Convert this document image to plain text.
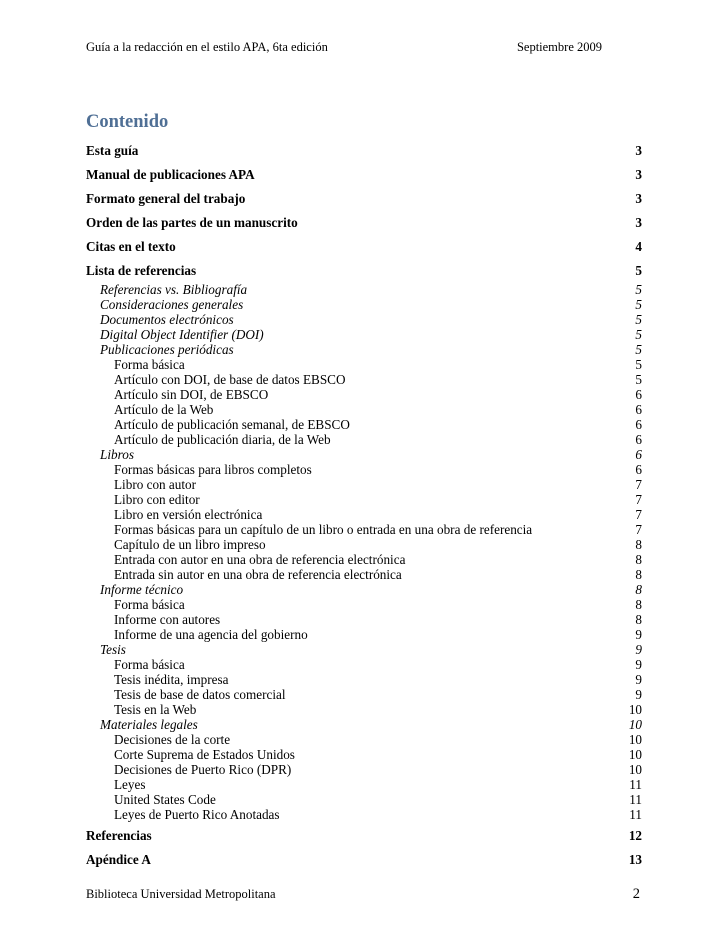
Guía a la redacción en el estilo APA, 6ta edición	Septiembre 2009
Contenido
Esta guía	3
Manual de publicaciones APA	3
Formato general del trabajo	3
Orden de las partes de un manuscrito	3
Citas en el texto	4
Lista de referencias	5
Referencias vs. Bibliografía	5
Consideraciones generales	5
Documentos electrónicos	5
Digital Object Identifier (DOI)	5
Publicaciones periódicas	5
Forma básica	5
Artículo con DOI, de base de datos EBSCO	5
Artículo sin DOI, de EBSCO	6
Artículo de la Web	6
Artículo de publicación semanal, de EBSCO	6
Artículo de publicación diaria, de la Web	6
Libros	6
Formas básicas para libros completos	6
Libro con autor	7
Libro con editor	7
Libro en versión electrónica	7
Formas básicas para un capítulo de un libro o entrada en una obra de referencia	7
Capítulo de un libro impreso	8
Entrada con autor en una obra de referencia electrónica	8
Entrada sin autor en una obra de referencia electrónica	8
Informe técnico	8
Forma básica	8
Informe con autores	8
Informe de una agencia del gobierno	9
Tesis	9
Forma básica	9
Tesis inédita, impresa	9
Tesis de base de datos comercial	9
Tesis en la Web	10
Materiales legales	10
Decisiones de la corte	10
Corte Suprema de Estados Unidos	10
Decisiones de Puerto Rico (DPR)	10
Leyes	11
United States Code	11
Leyes de Puerto Rico Anotadas	11
Referencias	12
Apéndice A	13
Biblioteca Universidad Metropolitana	2
